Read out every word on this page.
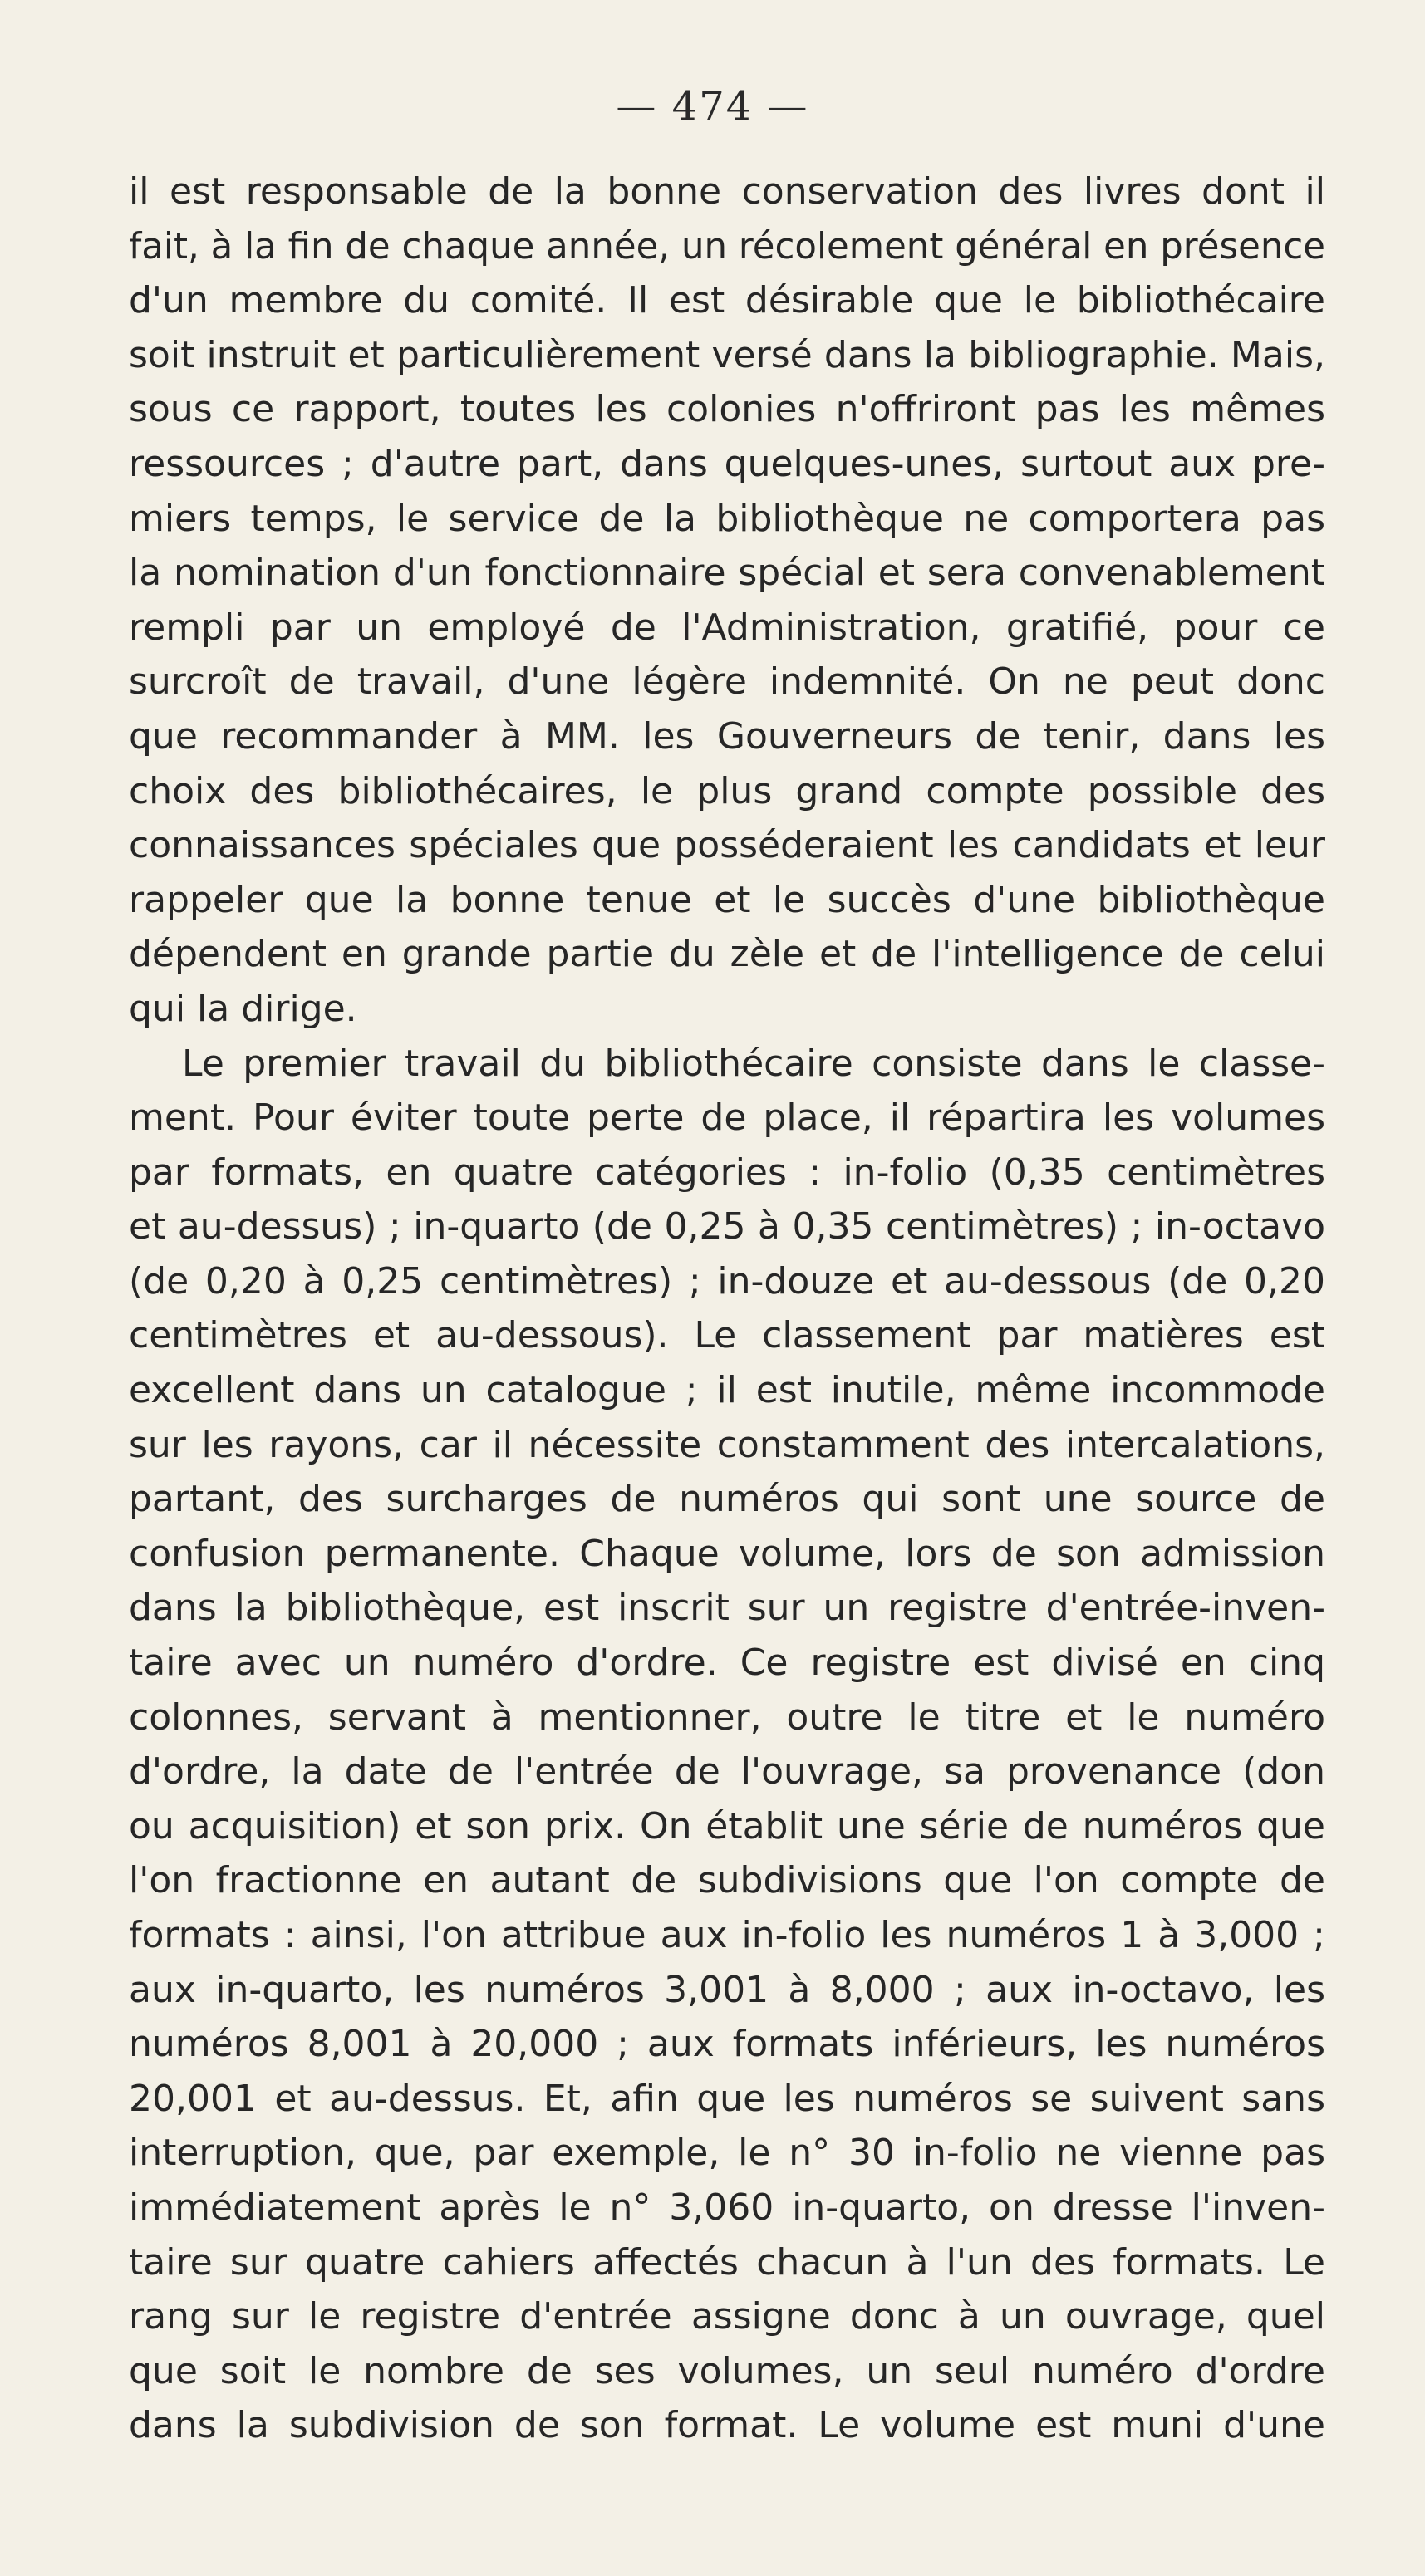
— 474 —
il est responsable de la bonne conservation des livres dont il
fait, à la fin de chaque année, un récolement général en présence
d'un membre du comité. Il est désirable que le bibliothécaire
soit instruit et particulièrement versé dans la bibliographie. Mais,
sous ce rapport, toutes les colonies n'offriront pas les mêmes
ressources ; d'autre part, dans quelques-unes, surtout aux pre-
miers temps, le service de la bibliothèque ne comportera pas
la nomination d'un fonctionnaire spécial et sera convenablement
rempli par un employé de l'Administration, gratifié, pour ce
surcroît de travail, d'une légère indemnité. On ne peut donc
que recommander à MM. les Gouverneurs de tenir, dans les
choix des bibliothécaires, le plus grand compte possible des
connaissances spéciales que posséderaient les candidats et leur
rappeler que la bonne tenue et le succès d'une bibliothèque
dépendent en grande partie du zèle et de l'intelligence de celui
qui la dirige.
Le premier travail du bibliothécaire consiste dans le classe-
ment. Pour éviter toute perte de place, il répartira les volumes
par formats, en quatre catégories : in-folio (0,35 centimètres
et au-dessus) ; in-quarto (de 0,25 à 0,35 centimètres) ; in-octavo
(de 0,20 à 0,25 centimètres) ; in-douze et au-dessous (de 0,20
centimètres et au-dessous). Le classement par matières est
excellent dans un catalogue ; il est inutile, même incommode
sur les rayons, car il nécessite constamment des intercalations,
partant, des surcharges de numéros qui sont une source de
confusion permanente. Chaque volume, lors de son admission
dans la bibliothèque, est inscrit sur un registre d'entrée-inven-
taire avec un numéro d'ordre. Ce registre est divisé en cinq
colonnes, servant à mentionner, outre le titre et le numéro
d'ordre, la date de l'entrée de l'ouvrage, sa provenance (don
ou acquisition) et son prix. On établit une série de numéros que
l'on fractionne en autant de subdivisions que l'on compte de
formats : ainsi, l'on attribue aux in-folio les numéros 1 à 3,000 ;
aux in-quarto, les numéros 3,001 à 8,000 ; aux in-octavo, les
numéros 8,001 à 20,000 ; aux formats inférieurs, les numéros
20,001 et au-dessus. Et, afin que les numéros se suivent sans
interruption, que, par exemple, le n° 30 in-folio ne vienne pas
immédiatement après le n° 3,060 in-quarto, on dresse l'inven-
taire sur quatre cahiers affectés chacun à l'un des formats. Le
rang sur le registre d'entrée assigne donc à un ouvrage, quel
que soit le nombre de ses volumes, un seul numéro d'ordre
dans la subdivision de son format. Le volume est muni d'une
